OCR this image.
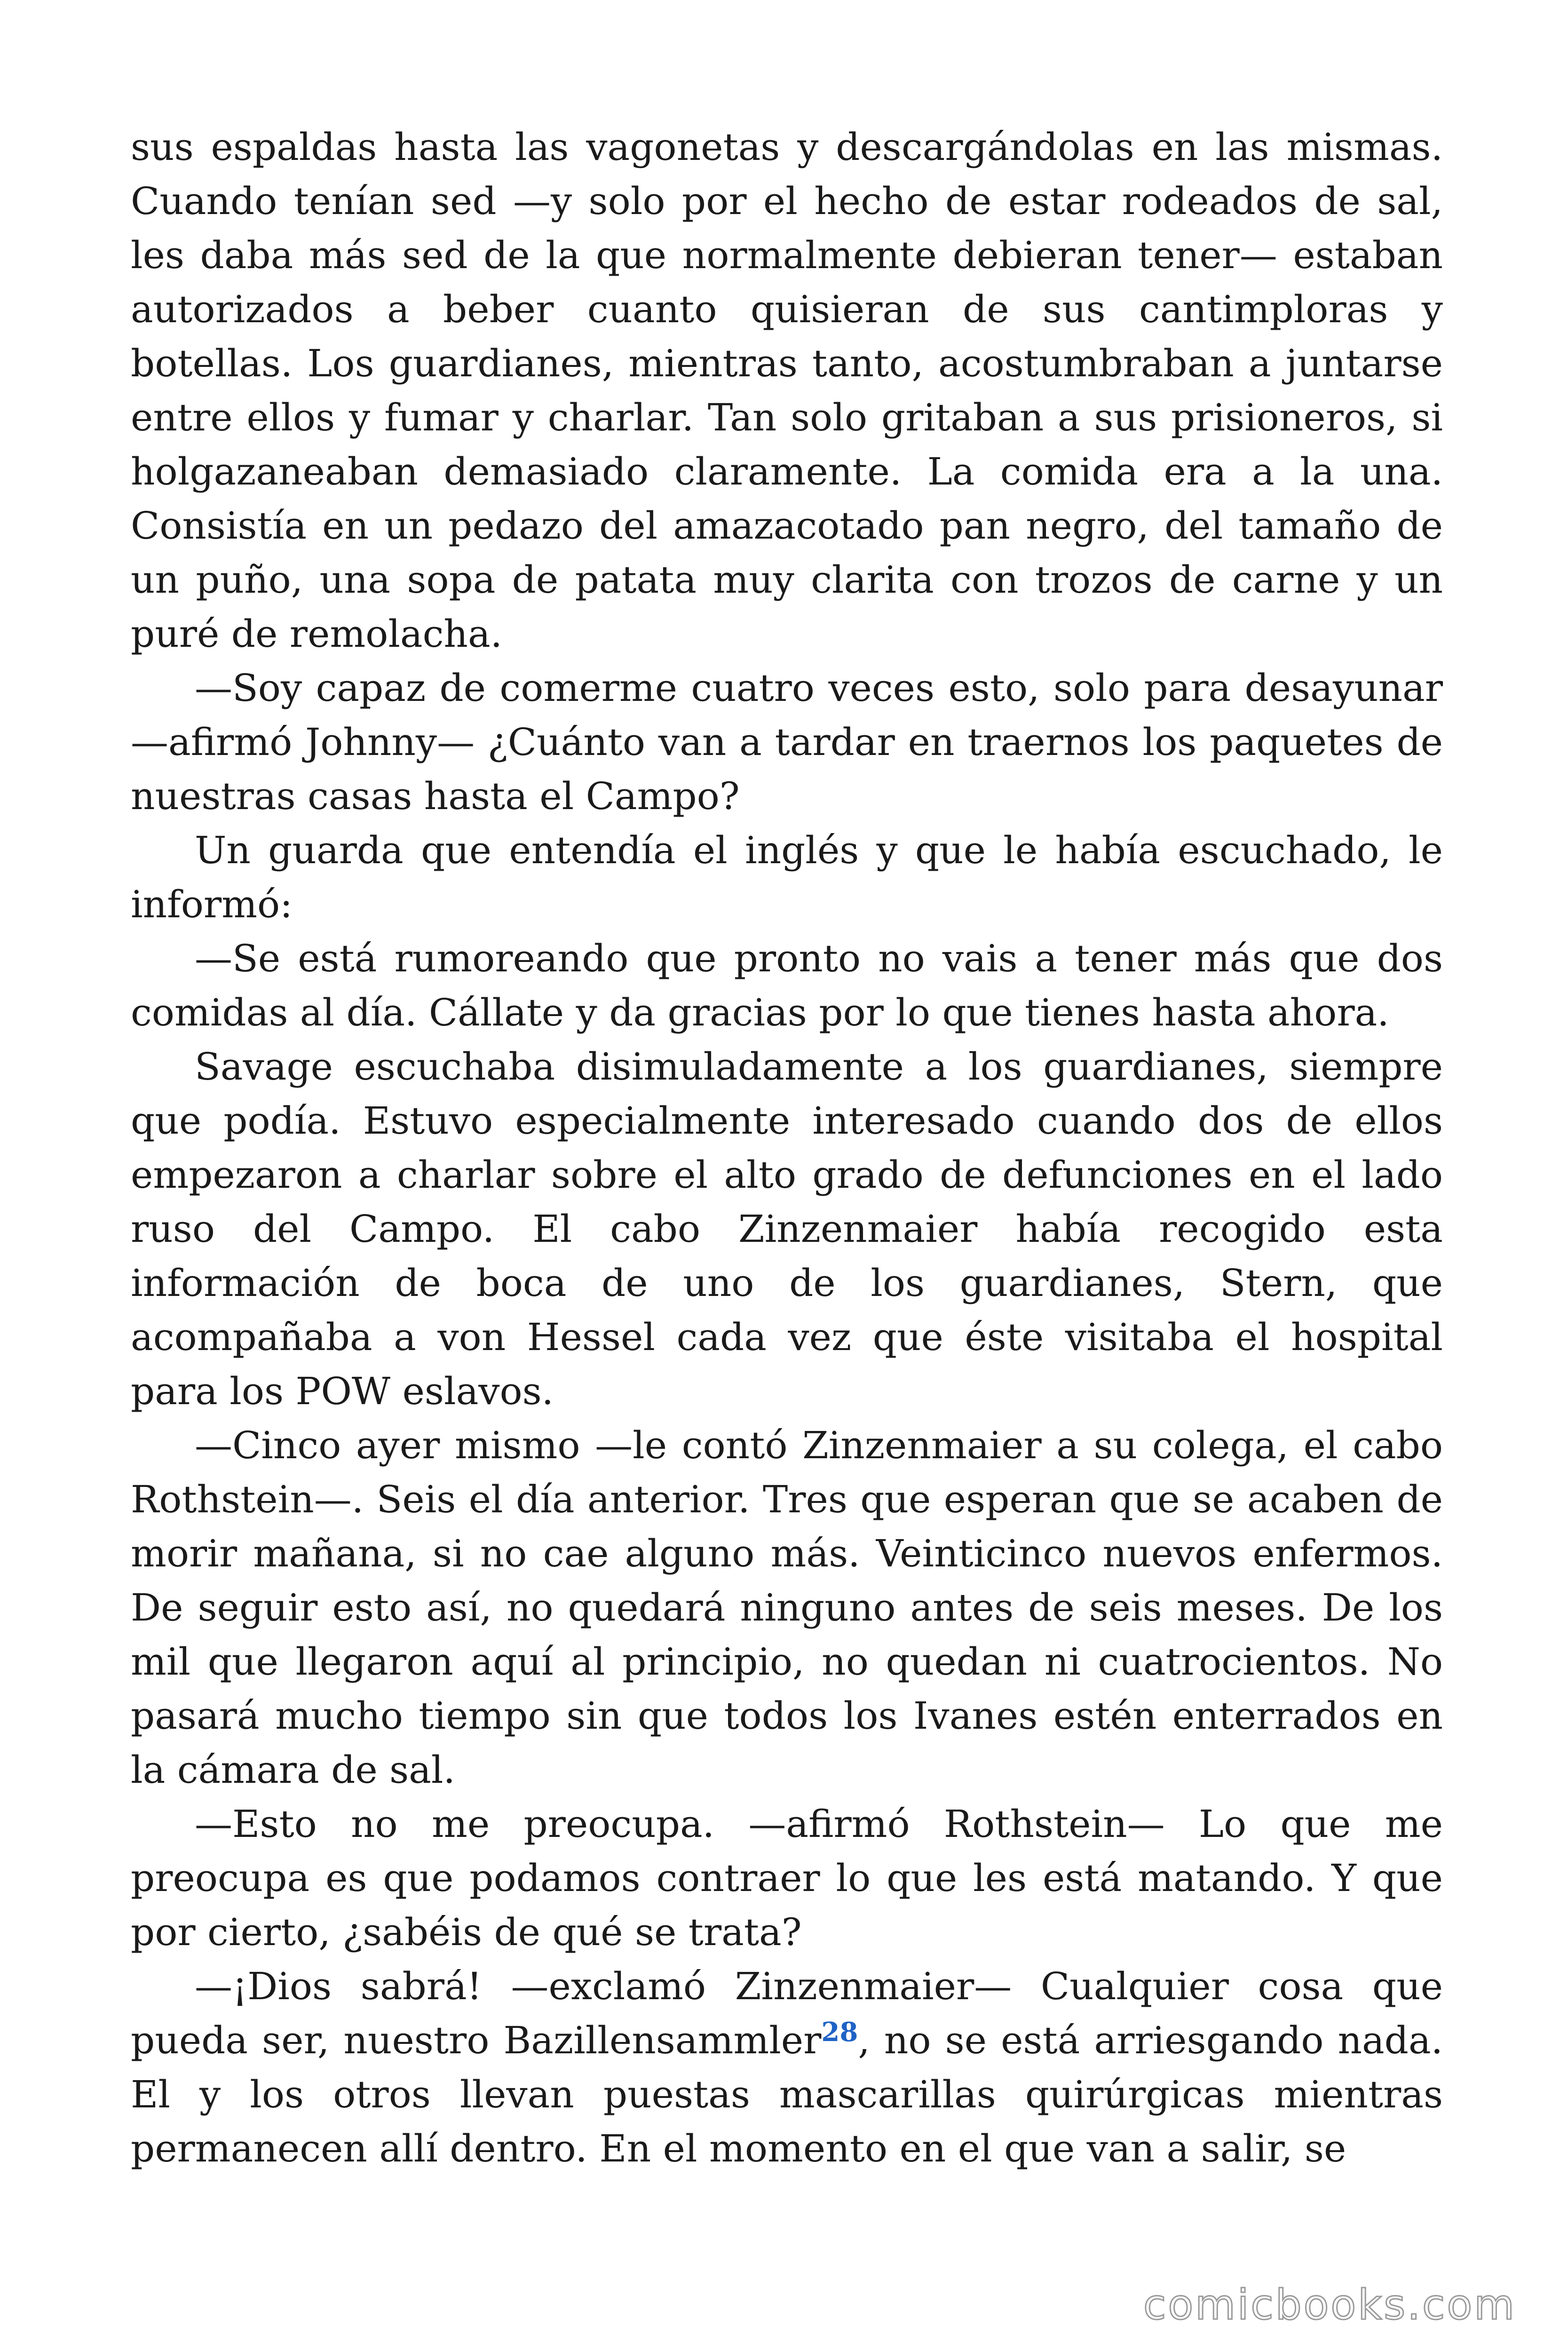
sus espaldas hasta las vagonetas y descargándolas en las mismas. Cuando tenían sed —y solo por el hecho de estar rodeados de sal, les daba más sed de la que normalmente debieran tener— estaban autorizados a beber cuanto quisieran de sus cantimploras y botellas. Los guardianes, mientras tanto, acostumbraban a juntarse entre ellos y fumar y charlar. Tan solo gritaban a sus prisioneros, si holgazaneaban demasiado claramente. La comida era a la una. Consistía en un pedazo del amazacotado pan negro, del tamaño de un puño, una sopa de patata muy clarita con trozos de carne y un puré de remolacha.

—Soy capaz de comerme cuatro veces esto, solo para desayunar —afirmó Johnny— ¿Cuánto van a tardar en traernos los paquetes de nuestras casas hasta el Campo?

Un guarda que entendía el inglés y que le había escuchado, le informó:

—Se está rumoreando que pronto no vais a tener más que dos comidas al día. Cállate y da gracias por lo que tienes hasta ahora.

Savage escuchaba disimuladamente a los guardianes, siempre que podía. Estuvo especialmente interesado cuando dos de ellos empezaron a charlar sobre el alto grado de defunciones en el lado ruso del Campo. El cabo Zinzenmaier había recogido esta información de boca de uno de los guardianes, Stern, que acompañaba a von Hessel cada vez que éste visitaba el hospital para los POW eslavos.

—Cinco ayer mismo —le contó Zinzenmaier a su colega, el cabo Rothstein—. Seis el día anterior. Tres que esperan que se acaben de morir mañana, si no cae alguno más. Veinticinco nuevos enfermos. De seguir esto así, no quedará ninguno antes de seis meses. De los mil que llegaron aquí al principio, no quedan ni cuatrocientos. No pasará mucho tiempo sin que todos los Ivanes estén enterrados en la cámara de sal.

—Esto no me preocupa. —afirmó Rothstein— Lo que me preocupa es que podamos contraer lo que les está matando. Y que por cierto, ¿sabéis de qué se trata?

—¡Dios sabrá! —exclamó Zinzenmaier— Cualquier cosa que pueda ser, nuestro Bazillensammler$^{28}$, no se está arriesgando nada. El y los otros llevan puestas mascarillas quirúrgicas mientras permanecen allí dentro. En el momento en el que van a salir, se

comicbooks.com
